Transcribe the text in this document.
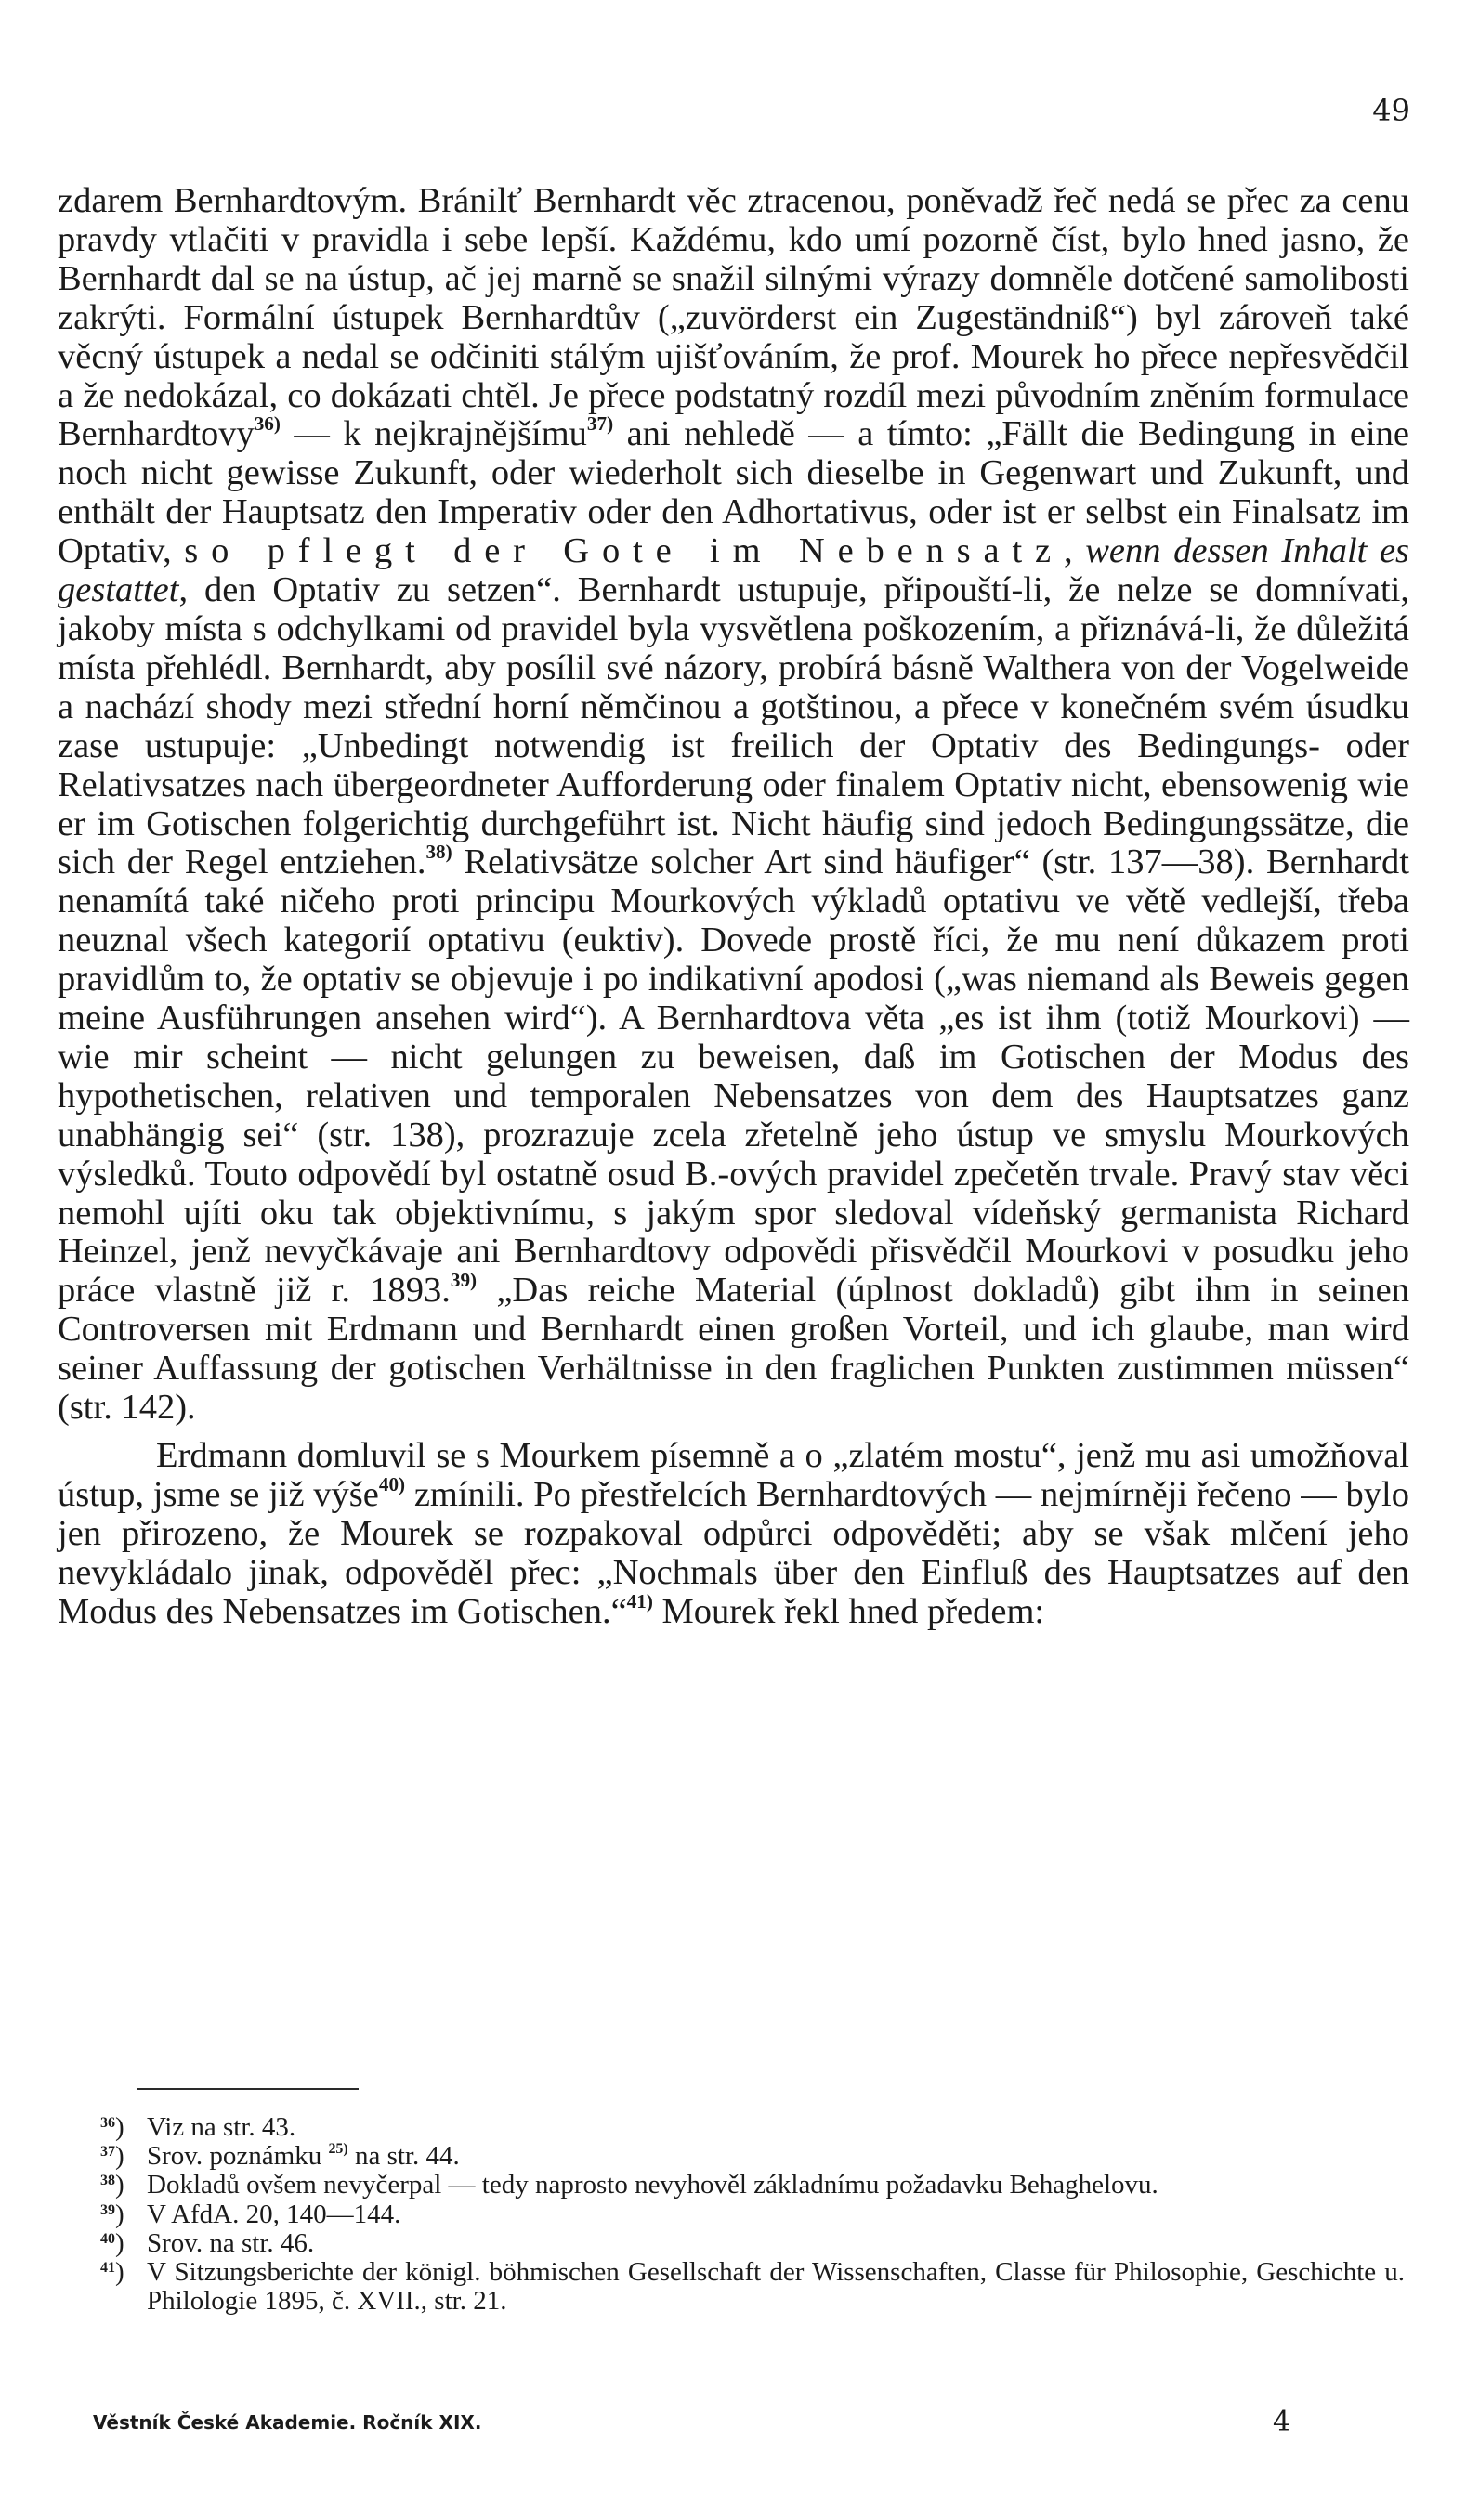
49

zdarem Bernhardtovým. Bránilť Bernhardt věc ztracenou, poněvadž řeč nedá se přec za cenu pravdy vtlačiti v pravidla i sebe lepší. Každému, kdo umí pozorně číst, bylo hned jasno, že Bernhardt dal se na ústup, ač jej marně se snažil silnými výrazy domněle dotčené samolibosti zakrýti. Formální ústupek Bernhardtův („zuvörderst ein Zugeständniß“) byl zároveň také věcný ústupek a nedal se odčiniti stálým ujišťováním, že prof. Mourek ho přece nepřesvědčil a že nedokázal, co dokázati chtěl. Je přece podstatný rozdíl mezi původním zněním formulace Bernhardtovy$^{36)}$ — k nejkrajnějšímu$^{37)}$ ani nehledě — a tímto: „Fällt die Bedingung in eine noch nicht gewisse Zukunft, oder wiederholt sich dieselbe in Gegenwart und Zukunft, und enthält der Hauptsatz den Imperativ oder den Adhortativus, oder ist er selbst ein Finalsatz im Optativ, so pflegt der Gote im Nebensatz, wenn dessen Inhalt es gestattet, den Optativ zu setzen“. Bernhardt ustupuje, připouští-li, že nelze se domnívati, jakoby místa s odchylkami od pravidel byla vysvětlena poškozením, a přiznává-li, že důležitá místa přehlédl. Bernhardt, aby posílil své názory, probírá básně Walthera von der Vogelweide a nachází shody mezi střední horní němčinou a gotštinou, a přece v konečném svém úsudku zase ustupuje: „Unbedingt notwendig ist freilich der Optativ des Bedingungs- oder Relativsatzes nach übergeordneter Aufforderung oder finalem Optativ nicht, ebensowenig wie er im Gotischen folgerichtig durchgeführt ist. Nicht häufig sind jedoch Bedingungssätze, die sich der Regel entziehen.$^{38)}$ Relativsätze solcher Art sind häufiger“ (str. 137—38). Bernhardt nenamítá také ničeho proti principu Mourkových výkladů optativu ve větě vedlejší, třeba neuznal všech kategorií optativu (euktiv). Dovede prostě říci, že mu není důkazem proti pravidlům to, že optativ se objevuje i po indikativní apodosi („was niemand als Beweis gegen meine Ausführungen ansehen wird“). A Bernhardtova věta „es ist ihm (totiž Mourkovi) — wie mir scheint — nicht gelungen zu beweisen, daß im Gotischen der Modus des hypothetischen, relativen und temporalen Nebensatzes von dem des Hauptsatzes ganz unabhängig sei“ (str. 138), prozrazuje zcela zřetelně jeho ústup ve smyslu Mourkových výsledků. Touto odpovědí byl ostatně osud B.-ových pravidel zpečetěn trvale. Pravý stav věci nemohl ujíti oku tak objektivnímu, s jakým spor sledoval vídeňský germanista Richard Heinzel, jenž nevyčkávaje ani Bernhardtovy odpovědi přisvědčil Mourkovi v posudku jeho práce vlastně již r. 1893.$^{39)}$ „Das reiche Material (úplnost dokladů) gibt ihm in seinen Controversen mit Erdmann und Bernhardt einen großen Vorteil, und ich glaube, man wird seiner Auffassung der gotischen Verhältnisse in den fraglichen Punkten zustimmen müssen“ (str. 142).

Erdmann domluvil se s Mourkem písemně a o „zlatém mostu“, jenž mu asi umožňoval ústup, jsme se již výše$^{40)}$ zmínili. Po přestřelcích Bernhardtových — nejmírněji řečeno — bylo jen přirozeno, že Mourek se rozpakoval odpůrci odpověděti; aby se však mlčení jeho nevykládalo jinak, odpověděl přec: „Nochmals über den Einfluß des Hauptsatzes auf den Modus des Nebensatzes im Gotischen.“$^{41)}$ Mourek řekl hned předem:

$^{36}$) Viz na str. 43.

$^{37}$) Srov. poznámku $^{25)}$ na str. 44.

$^{38}$) Dokladů ovšem nevyčerpal — tedy naprosto nevyhověl základnímu požadavku Behaghelovu.

$^{39}$) V AfdA. 20, 140—144.

$^{40}$) Srov. na str. 46.

$^{41}$) V Sitzungsberichte der königl. böhmischen Gesellschaft der Wissenschaften, Classe für Philosophie, Geschichte u. Philologie 1895, č. XVII., str. 21.

Věstník České Akademie. Ročník XIX.	4
